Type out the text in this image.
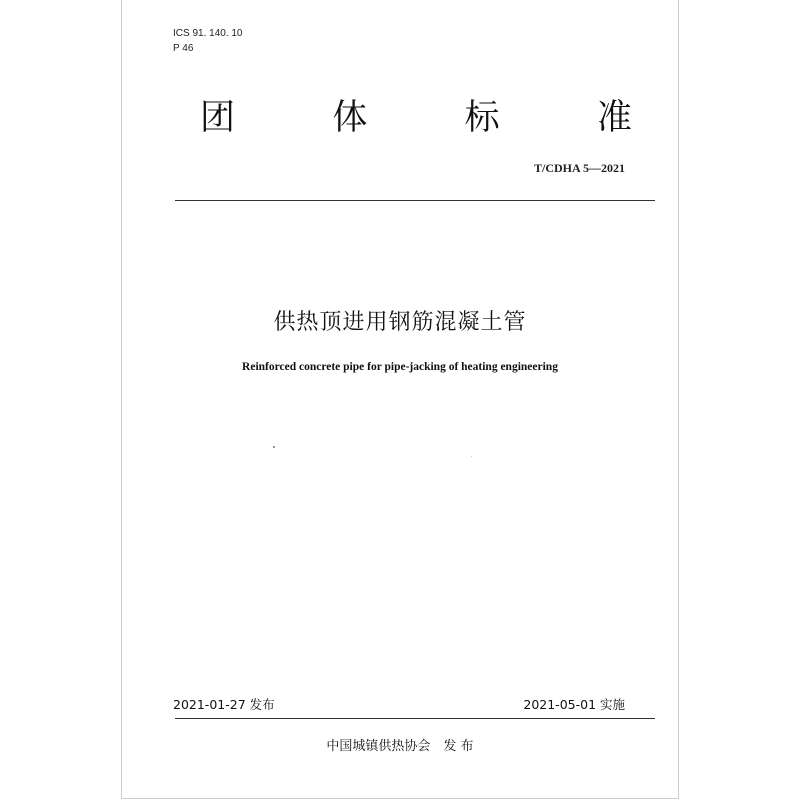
ICS 91. 140. 10
P 46
团	体	标	准
T/CDHA 5—2021
供热顶进用钢筋混凝土管
Reinforced concrete pipe for pipe-jacking of heating engineering
2021-01-27 发布	2021-05-01 实施
中国城镇供热协会　发 布
